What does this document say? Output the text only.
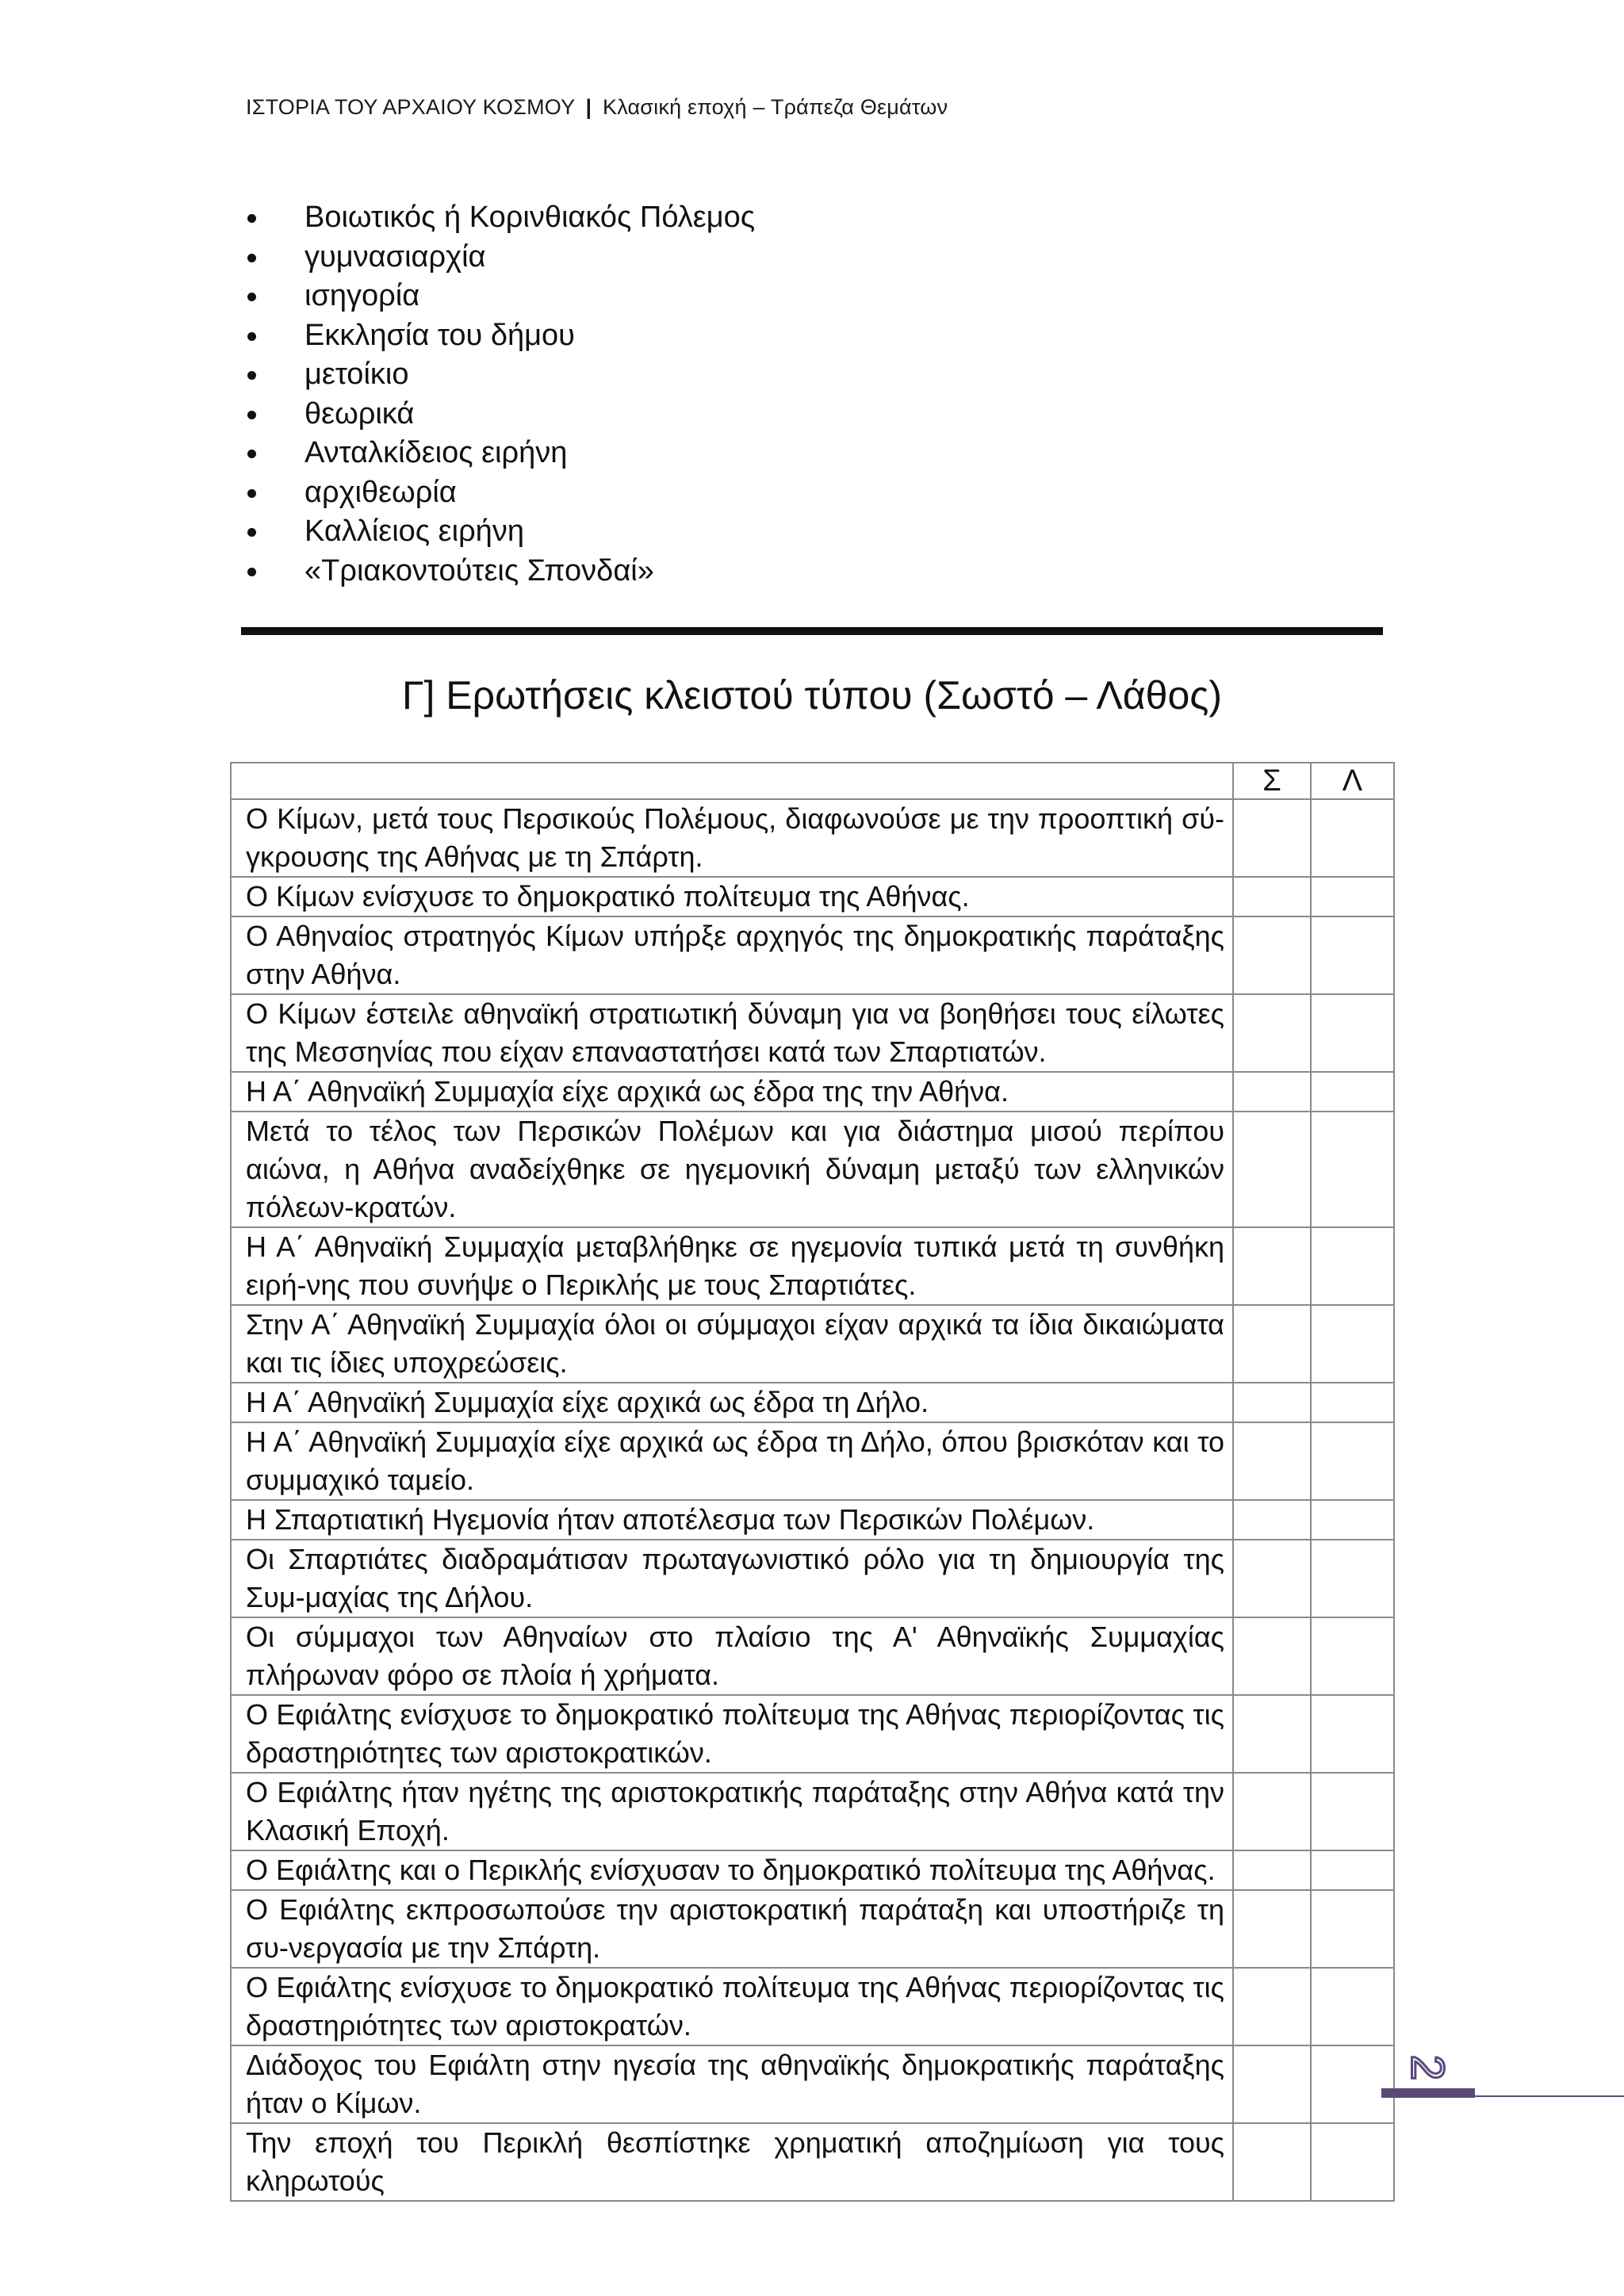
ΙΣΤΟΡΙΑ ΤΟΥ ΑΡΧΑΙΟΥ ΚΟΣΜΟΥ | Κλασική εποχή – Τράπεζα Θεμάτων
Βοιωτικός ή Κορινθιακός Πόλεμος
γυμνασιαρχία
ισηγορία
Εκκλησία του δήμου
μετοίκιο
θεωρικά
Ανταλκίδειος ειρήνη
αρχιθεωρία
Καλλίειος ειρήνη
«Τριακοντούτεις Σπονδαί»
Γ] Ερωτήσεις κλειστού τύπου (Σωστό – Λάθος)
	Σ	Λ
Ο Κίμων, μετά τους Περσικούς Πολέμους, διαφωνούσε με την προοπτική σύ-γκρουσης της Αθήνας με τη Σπάρτη.		
Ο Κίμων ενίσχυσε το δημοκρατικό πολίτευμα της Αθήνας.		
Ο Αθηναίος στρατηγός Κίμων υπήρξε αρχηγός της δημοκρατικής παράταξης στην Αθήνα.		
Ο Κίμων έστειλε αθηναϊκή στρατιωτική δύναμη για να βοηθήσει τους είλωτες της Μεσσηνίας που είχαν επαναστατήσει κατά των Σπαρτιατών.		
Η Α΄ Αθηναϊκή Συμμαχία είχε αρχικά ως έδρα της την Αθήνα.		
Μετά το τέλος των Περσικών Πολέμων και για διάστημα μισού περίπου αιώνα, η Αθήνα αναδείχθηκε σε ηγεμονική δύναμη μεταξύ των ελληνικών πόλεων-κρατών.		
Η Α΄ Αθηναϊκή Συμμαχία μεταβλήθηκε σε ηγεμονία τυπικά μετά τη συνθήκη ειρή-νης που συνήψε ο Περικλής με τους Σπαρτιάτες.		
Στην Α΄ Αθηναϊκή Συμμαχία όλοι οι σύμμαχοι είχαν αρχικά τα ίδια δικαιώματα και τις ίδιες υποχρεώσεις.		
Η Α΄ Αθηναϊκή Συμμαχία είχε αρχικά ως έδρα τη Δήλο.		
Η Α΄ Αθηναϊκή Συμμαχία είχε αρχικά ως έδρα τη Δήλο, όπου βρισκόταν και το συμμαχικό ταμείο.		
Η Σπαρτιατική Ηγεμονία ήταν αποτέλεσμα των Περσικών Πολέμων.		
Οι Σπαρτιάτες διαδραμάτισαν πρωταγωνιστικό ρόλο για τη δημιουργία της Συμ-μαχίας της Δήλου.		
Οι σύμμαχοι των Αθηναίων στο πλαίσιο της Α' Αθηναϊκής Συμμαχίας πλήρωναν φόρο σε πλοία ή χρήματα.		
Ο Εφιάλτης ενίσχυσε το δημοκρατικό πολίτευμα της Αθήνας περιορίζοντας τις δραστηριότητες των αριστοκρατικών.		
Ο Εφιάλτης ήταν ηγέτης της αριστοκρατικής παράταξης στην Αθήνα κατά την Κλασική Εποχή.		
Ο Εφιάλτης και ο Περικλής ενίσχυσαν το δημοκρατικό πολίτευμα της Αθήνας.		
Ο Εφιάλτης εκπροσωπούσε την αριστοκρατική παράταξη και υποστήριζε τη συ-νεργασία με την Σπάρτη.		
Ο Εφιάλτης ενίσχυσε το δημοκρατικό πολίτευμα της Αθήνας περιορίζοντας τις δραστηριότητες των αριστοκρατών.		
Διάδοχος του Εφιάλτη στην ηγεσία της αθηναϊκής δημοκρατικής παράταξης ήταν ο Κίμων.		
Την εποχή του Περικλή θεσπίστηκε χρηματική αποζημίωση για τους κληρωτούς		
2
